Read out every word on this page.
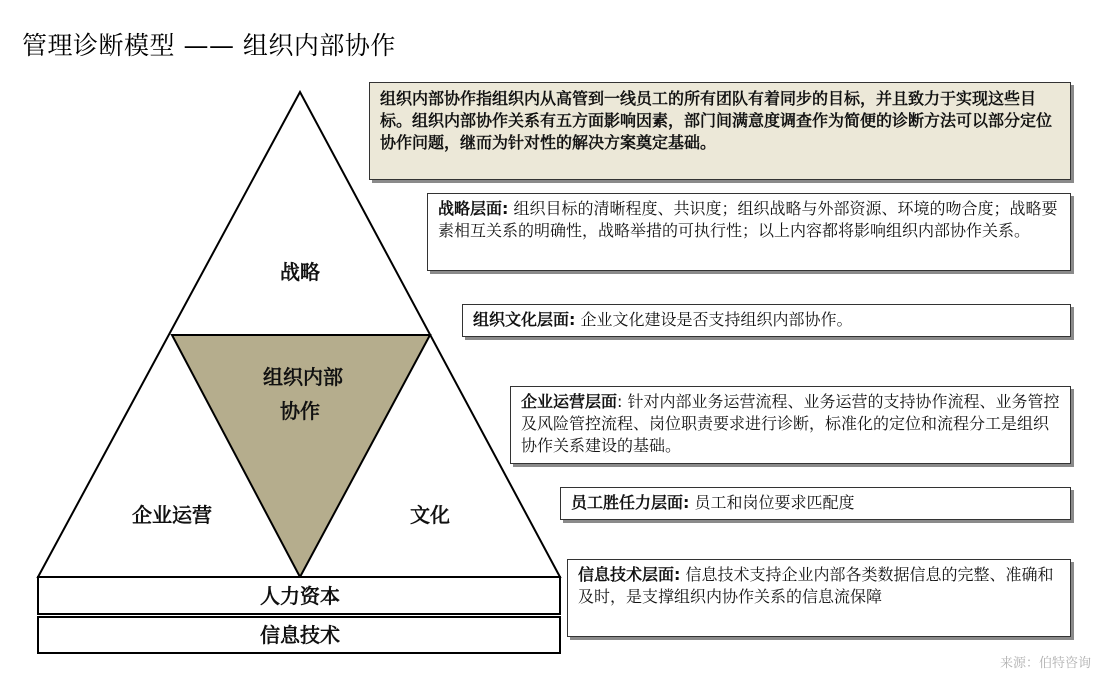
管理诊断模型 —— 组织内部协作
战略
组织内部
协作
企业运营	文化
人力资本
信息技术
组织内部协作指组织内从高管到一线员工的所有团队有着同步的目标，并且致力于实现这些目标。组织内部协作关系有五方面影响因素，部门间满意度调查作为简便的诊断方法可以部分定位协作问题，继而为针对性的解决方案奠定基础。
战略层面: 组织目标的清晰程度、共识度；组织战略与外部资源、环境的吻合度；战略要素相互关系的明确性，战略举措的可执行性；以上内容都将影响组织内部协作关系。
组织文化层面: 企业文化建设是否支持组织内部协作。
企业运营层面: 针对内部业务运营流程、业务运营的支持协作流程、业务管控及风险管控流程、岗位职责要求进行诊断，标准化的定位和流程分工是组织协作关系建设的基础。
员工胜任力层面: 员工和岗位要求匹配度
信息技术层面: 信息技术支持企业内部各类数据信息的完整、准确和及时，是支撑组织内协作关系的信息流保障
来源：伯特咨询
